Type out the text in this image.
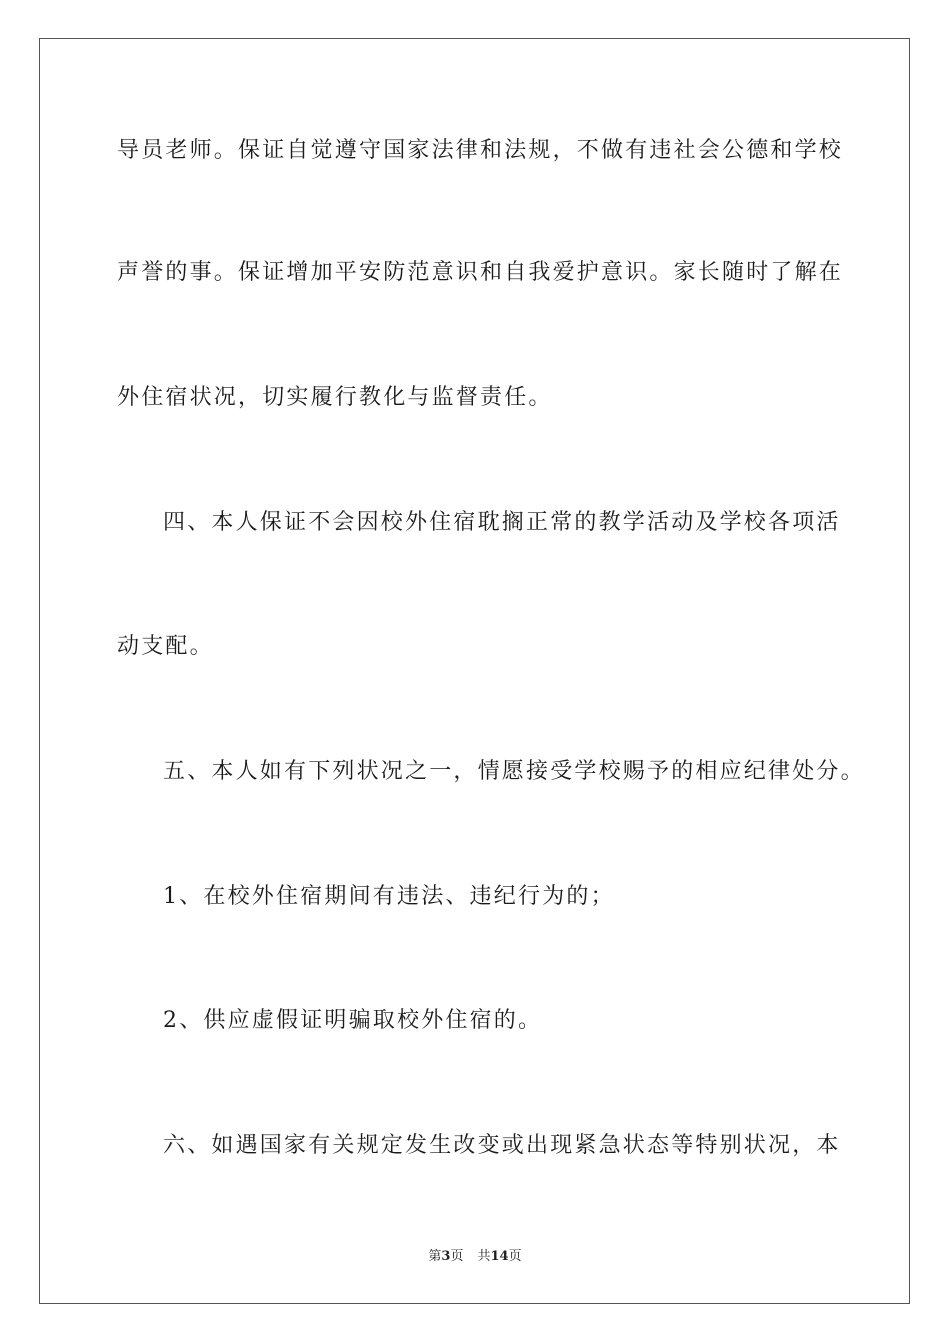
导员老师。保证自觉遵守国家法律和法规，不做有违社会公德和学校
声誉的事。保证增加平安防范意识和自我爱护意识。家长随时了解在
外住宿状况，切实履行教化与监督责任。
四、本人保证不会因校外住宿耽搁正常的教学活动及学校各项活
动支配。
五、本人如有下列状况之一，情愿接受学校赐予的相应纪律处分。
1、在校外住宿期间有违法、违纪行为的；
2、供应虚假证明骗取校外住宿的。
六、如遇国家有关规定发生改变或出现紧急状态等特别状况，本
第3页 共14页
